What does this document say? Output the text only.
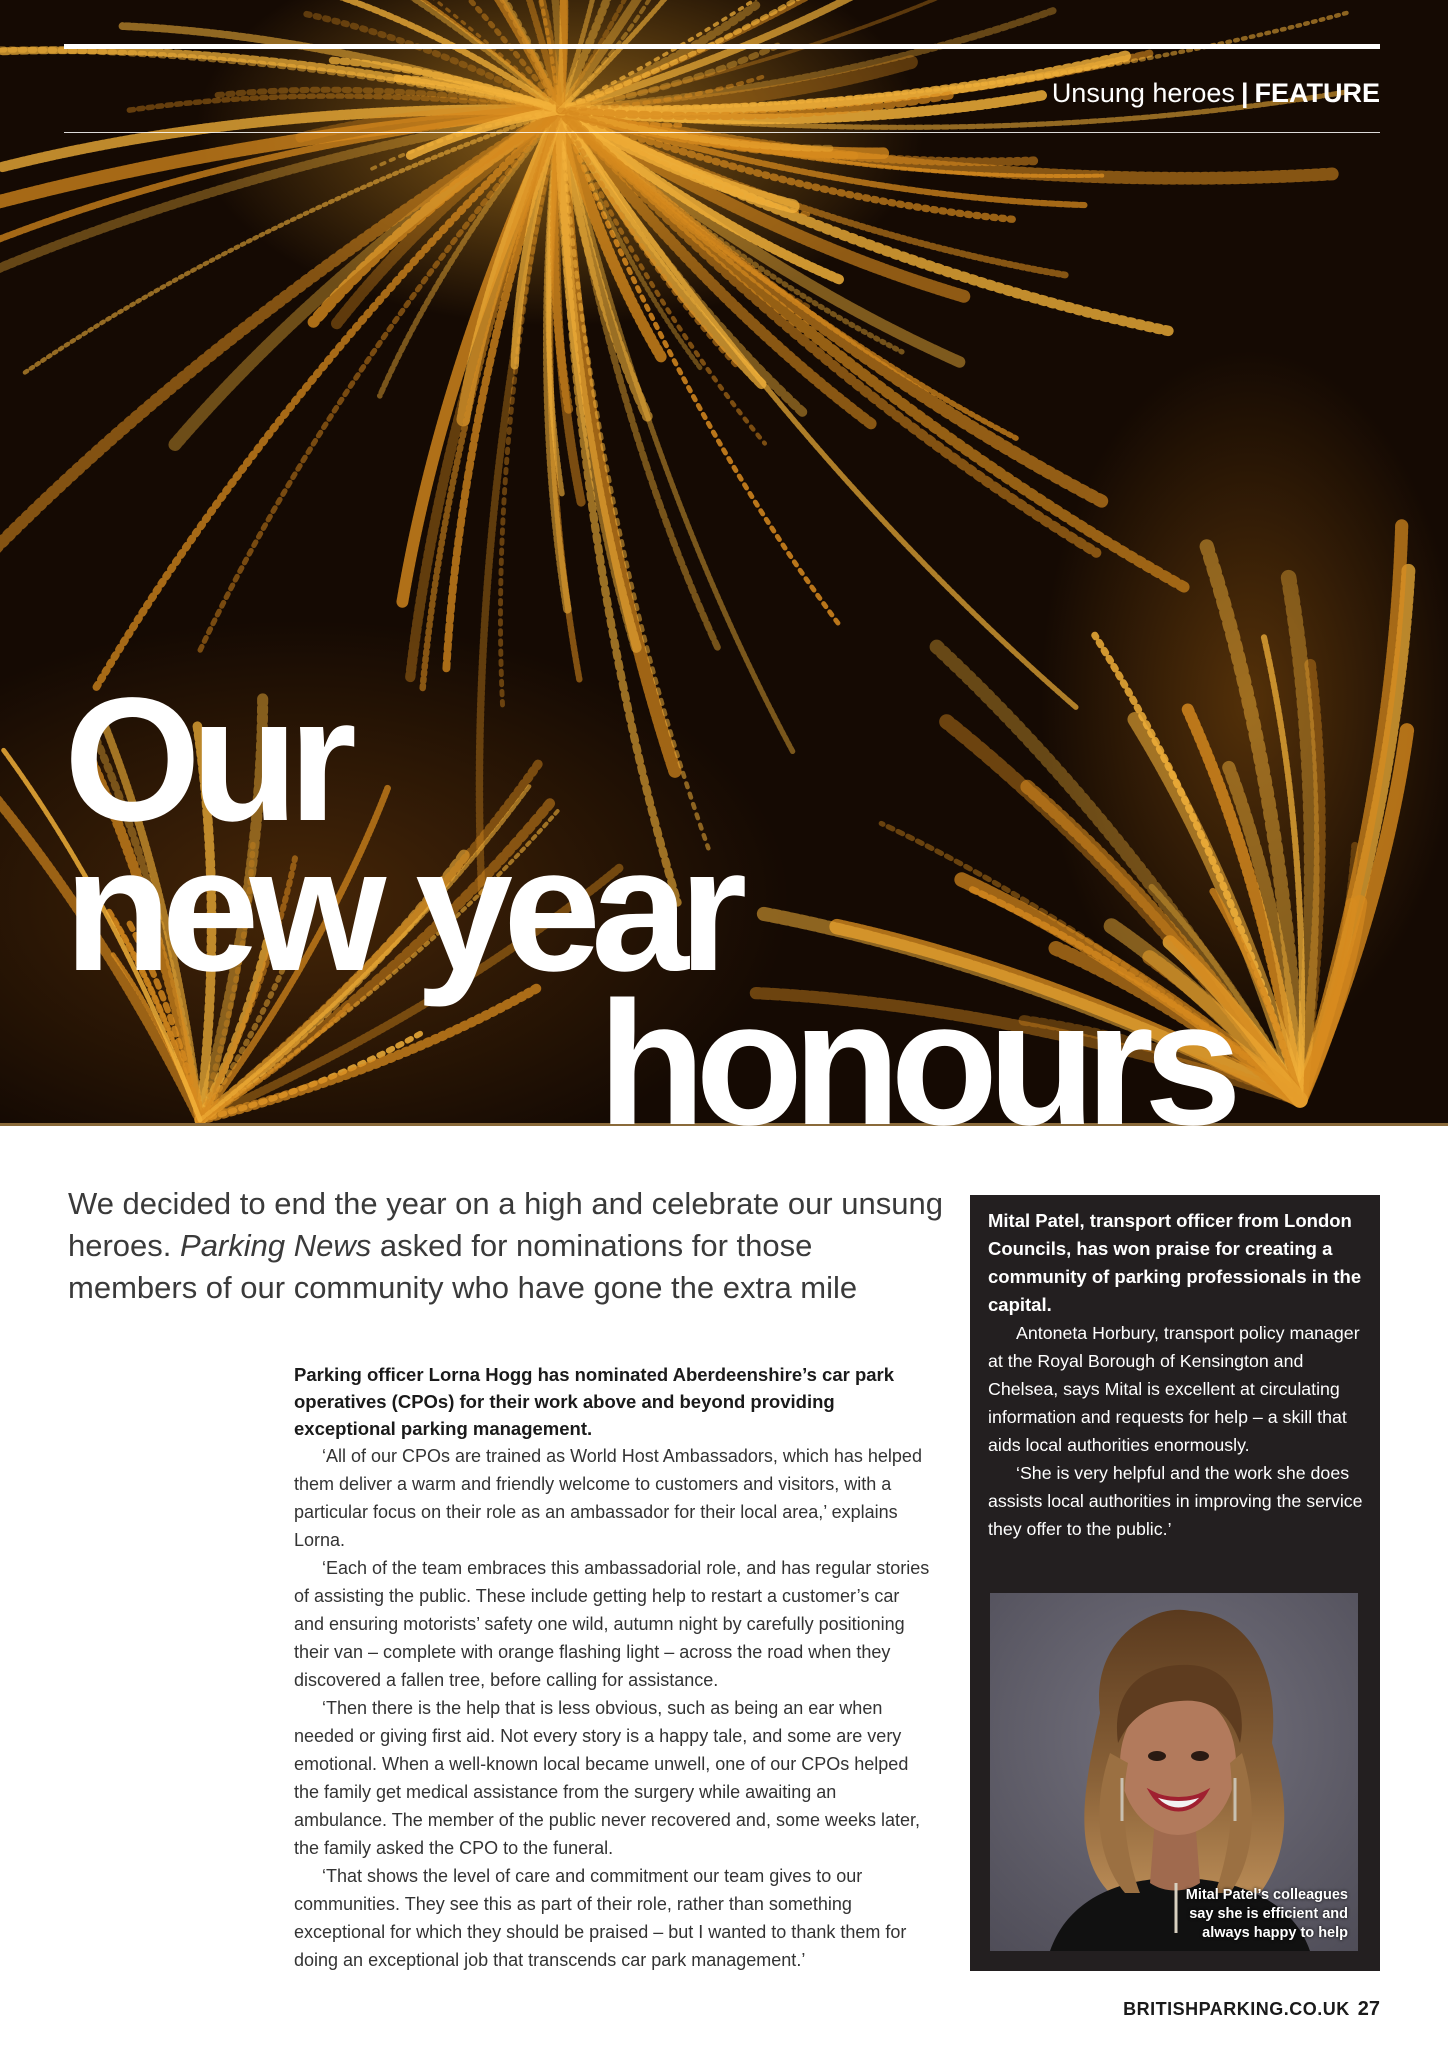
Unsung heroes | FEATURE
Our
new year
honours
We decided to end the year on a high and celebrate our unsung heroes. Parking News asked for nominations for those members of our community who have gone the extra mile

Parking officer Lorna Hogg has nominated Aberdeenshire’s car park operatives (CPOs) for their work above and beyond providing exceptional parking management.

‘All of our CPOs are trained as World Host Ambassadors, which has helped them deliver a warm and friendly welcome to customers and visitors, with a particular focus on their role as an ambassador for their local area,’ explains Lorna.

‘Each of the team embraces this ambassadorial role, and has regular stories of assisting the public. These include getting help to restart a customer’s car and ensuring motorists’ safety one wild, autumn night by carefully positioning their van – complete with orange flashing light – across the road when they discovered a fallen tree, before calling for assistance.

‘Then there is the help that is less obvious, such as being an ear when needed or giving first aid. Not every story is a happy tale, and some are very emotional. When a well-known local became unwell, one of our CPOs helped the family get medical assistance from the surgery while awaiting an ambulance. The member of the public never recovered and, some weeks later, the family asked the CPO to the funeral.

‘That shows the level of care and commitment our team gives to our communities. They see this as part of their role, rather than something exceptional for which they should be praised – but I wanted to thank them for doing an exceptional job that transcends car park management.’

Mital Patel, transport officer from London Councils, has won praise for creating a community of parking professionals in the capital.

Antoneta Horbury, transport policy manager at the Royal Borough of Kensington and Chelsea, says Mital is excellent at circulating information and requests for help – a skill that aids local authorities enormously.

‘She is very helpful and the work she does assists local authorities in improving the service they offer to the public.’

Mital Patel’s colleagues say she is efficient and always happy to help
BRITISHPARKING.CO.UK 27
